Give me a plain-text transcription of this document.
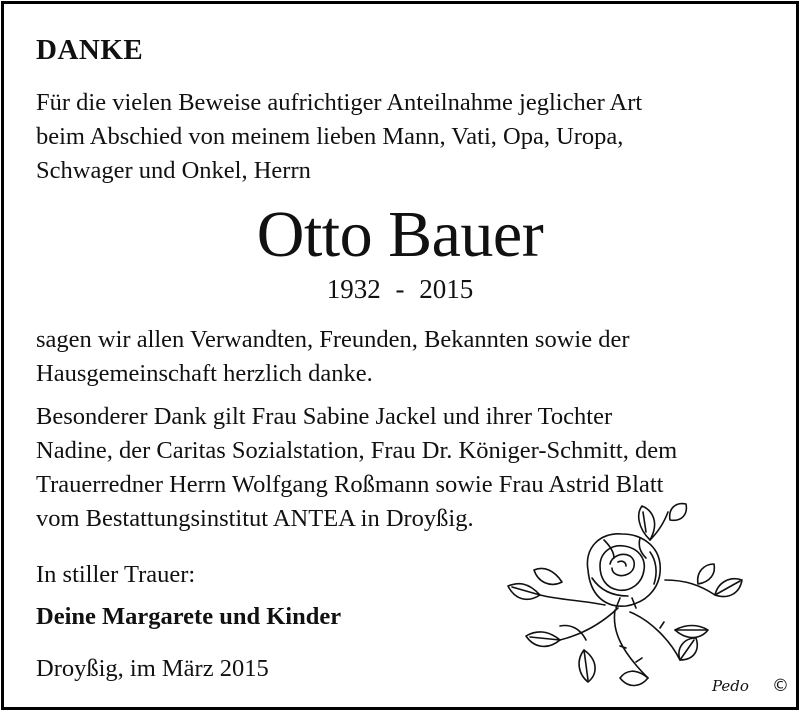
DANKE
Für die vielen Beweise aufrichtiger Anteilnahme jeglicher Art
beim Abschied von meinem lieben Mann, Vati, Opa, Uropa,
Schwager und Onkel, Herrn
Otto Bauer
1932 - 2015
sagen wir allen Verwandten, Freunden, Bekannten sowie der
Hausgemeinschaft herzlich danke.
Besonderer Dank gilt Frau Sabine Jackel und ihrer Tochter
Nadine, der Caritas Sozialstation, Frau Dr. Königer-Schmitt, dem
Trauerredner Herrn Wolfgang Roßmann sowie Frau Astrid Blatt
vom Bestattungsinstitut ANTEA in Droyßig.
In stiller Trauer:
Deine Margarete und Kinder
Droyßig, im März 2015
Pedo ©
